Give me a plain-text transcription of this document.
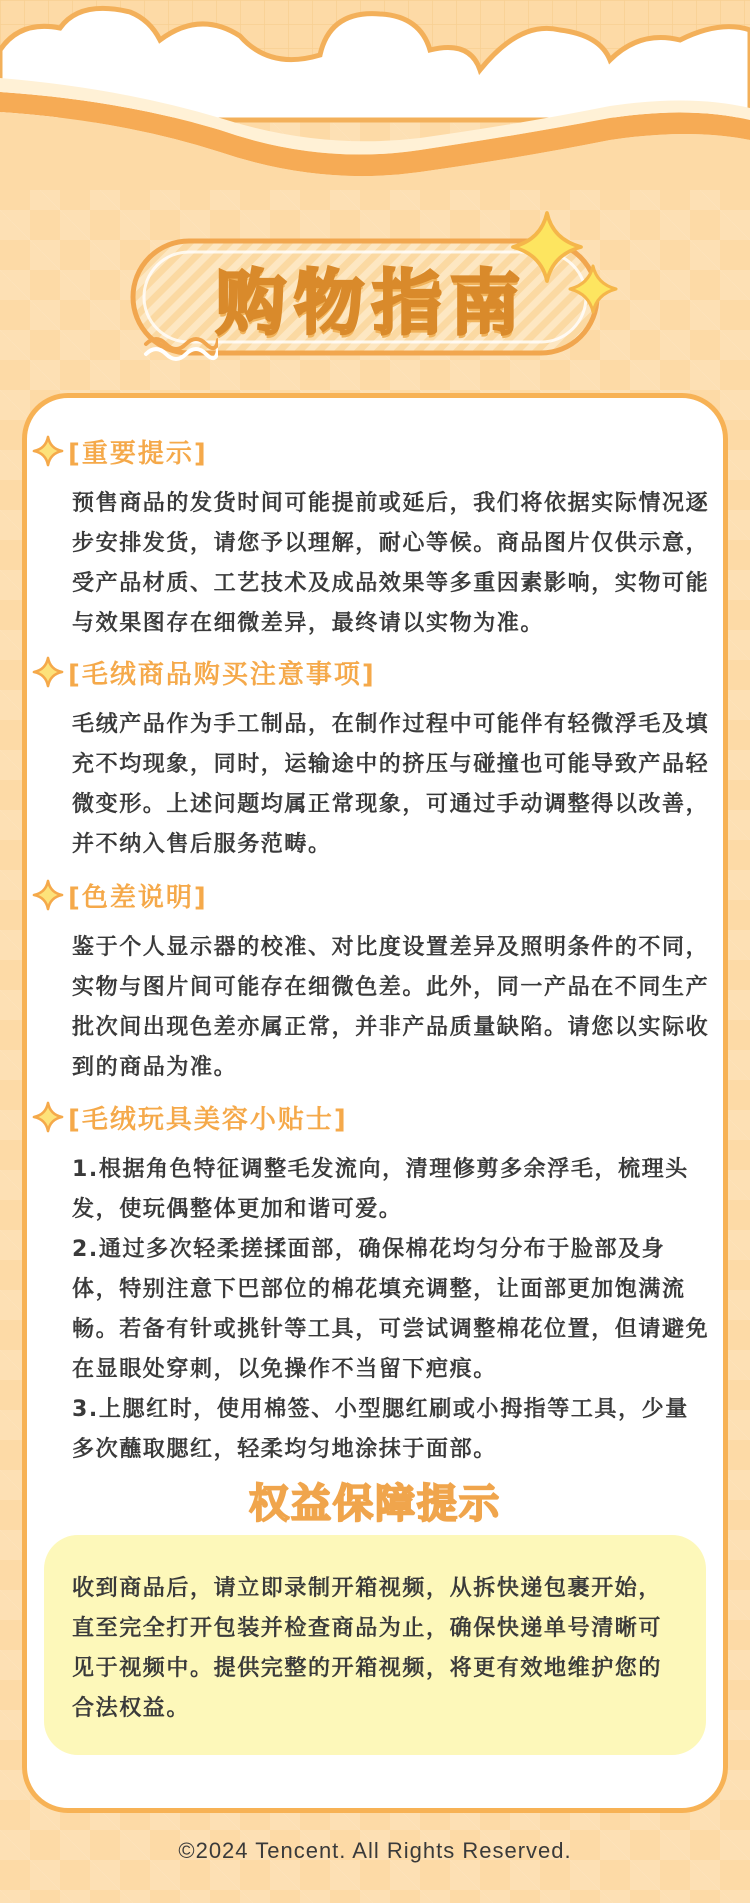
购物指南
[重要提示]

预售商品的发货时间可能提前或延后，我们将依据实际情况逐步安排发货，请您予以理解，耐心等候。商品图片仅供示意，受产品材质、工艺技术及成品效果等多重因素影响，实物可能与效果图存在细微差异，最终请以实物为准。

[毛绒商品购买注意事项]

毛绒产品作为手工制品，在制作过程中可能伴有轻微浮毛及填充不均现象，同时，运输途中的挤压与碰撞也可能导致产品轻微变形。上述问题均属正常现象，可通过手动调整得以改善，并不纳入售后服务范畴。

[色差说明]

鉴于个人显示器的校准、对比度设置差异及照明条件的不同，实物与图片间可能存在细微色差。此外，同一产品在不同生产批次间出现色差亦属正常，并非产品质量缺陷。请您以实际收到的商品为准。

[毛绒玩具美容小贴士]

1.根据角色特征调整毛发流向，清理修剪多余浮毛，梳理头发，使玩偶整体更加和谐可爱。

2.通过多次轻柔搓揉面部，确保棉花均匀分布于脸部及身体，特别注意下巴部位的棉花填充调整，让面部更加饱满流畅。若备有针或挑针等工具，可尝试调整棉花位置，但请避免在显眼处穿刺，以免操作不当留下疤痕。

3.上腮红时，使用棉签、小型腮红刷或小拇指等工具，少量多次蘸取腮红，轻柔均匀地涂抹于面部。

权益保障提示

收到商品后，请立即录制开箱视频，从拆快递包裹开始，直至完全打开包装并检查商品为止，确保快递单号清晰可见于视频中。提供完整的开箱视频，将更有效地维护您的合法权益。

©2024 Tencent. All Rights Reserved.
